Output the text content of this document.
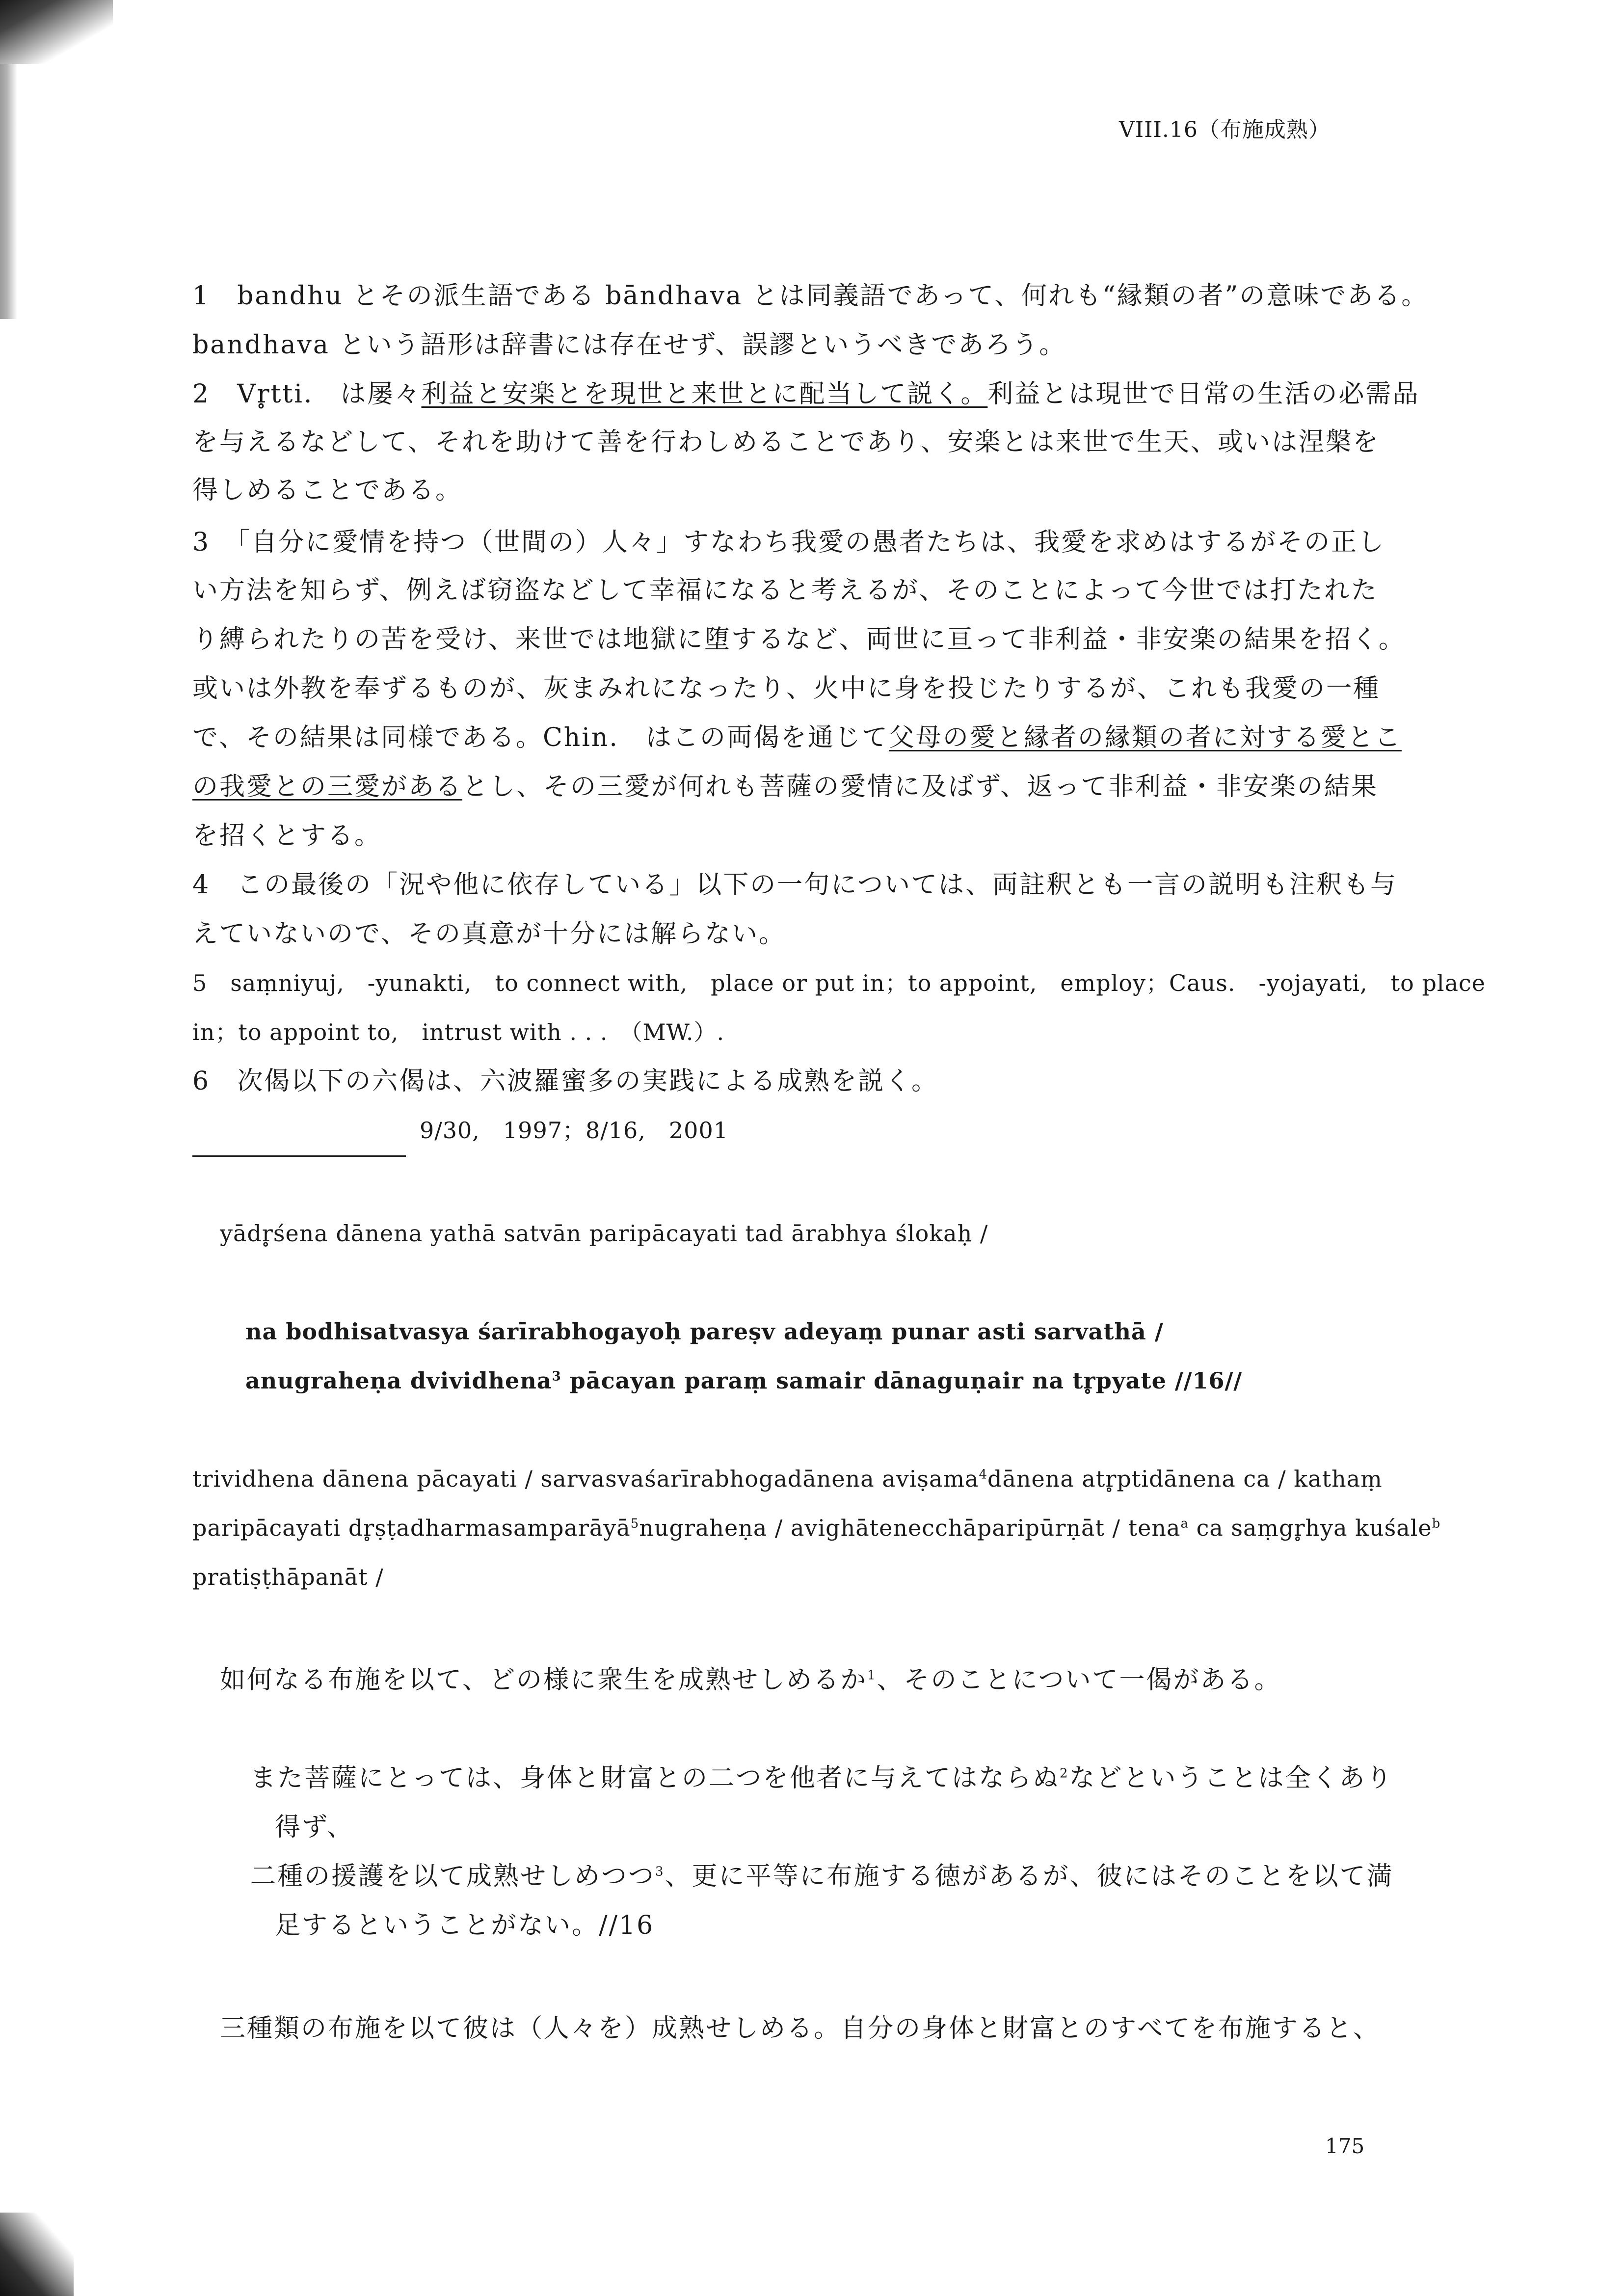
VIII.16（布施成熟）
1　bandhu とその派生語である bāndhava とは同義語であって、何れも“縁類の者”の意味である。
bandhava という語形は辞書には存在せず、誤謬というべきであろう。
2　Vr̥tti.　は屡々利益と安楽とを現世と来世とに配当して説く。利益とは現世で日常の生活の必需品
を与えるなどして、それを助けて善を行わしめることであり、安楽とは来世で生天、或いは涅槃を
得しめることである。
3　「自分に愛情を持つ（世間の）人々」すなわち我愛の愚者たちは、我愛を求めはするがその正し
い方法を知らず、例えば窃盗などして幸福になると考えるが、そのことによって今世では打たれた
り縛られたりの苦を受け、来世では地獄に堕するなど、両世に亘って非利益・非安楽の結果を招く。
或いは外教を奉ずるものが、灰まみれになったり、火中に身を投じたりするが、これも我愛の一種
で、その結果は同様である。Chin.　はこの両偈を通じて父母の愛と縁者の縁類の者に対する愛とこ
の我愛との三愛があるとし、その三愛が何れも菩薩の愛情に及ばず、返って非利益・非安楽の結果
を招くとする。
4　この最後の「況や他に依存している」以下の一句については、両註釈とも一言の説明も注釈も与
えていないので、その真意が十分には解らない。
5　saṃniyuj,　-yunakti,　to connect with,　place or put in；to appoint,　employ；Caus.　-yojayati,　to place
in；to appoint to,　intrust with . . .　（MW.）.
6　次偈以下の六偈は、六波羅蜜多の実践による成熟を説く。
9/30,　1997；8/16,　2001
yādr̥śena dānena yathā satvān paripācayati tad ārabhya ślokaḥ /
na bodhisatvasya śarīrabhogayoḥ pareṣv adeyaṃ punar asti sarvathā /
anugraheṇa dvividhena$^3$ pācayan paraṃ samair dānaguṇair na tr̥pyate //16//
trividhena dānena pācayati / sarvasvaśarīrabhogadānena aviṣama$^4$dānena atr̥ptidānena ca / kathaṃ
paripācayati dr̥ṣṭadharmasamparāyā$^5$nugraheṇa / avighātenecchāparipūrṇāt / tena$^a$ ca saṃgr̥hya kuśale$^b$
pratiṣṭhāpanāt /
如何なる布施を以て、どの様に衆生を成熟せしめるか$^1$、そのことについて一偈がある。
また菩薩にとっては、身体と財富との二つを他者に与えてはならぬ$^2$などということは全くあり
得ず、
二種の援護を以て成熟せしめつつ$^3$、更に平等に布施する徳があるが、彼にはそのことを以て満
足するということがない。//16
三種類の布施を以て彼は（人々を）成熟せしめる。自分の身体と財富とのすべてを布施すると、
175
